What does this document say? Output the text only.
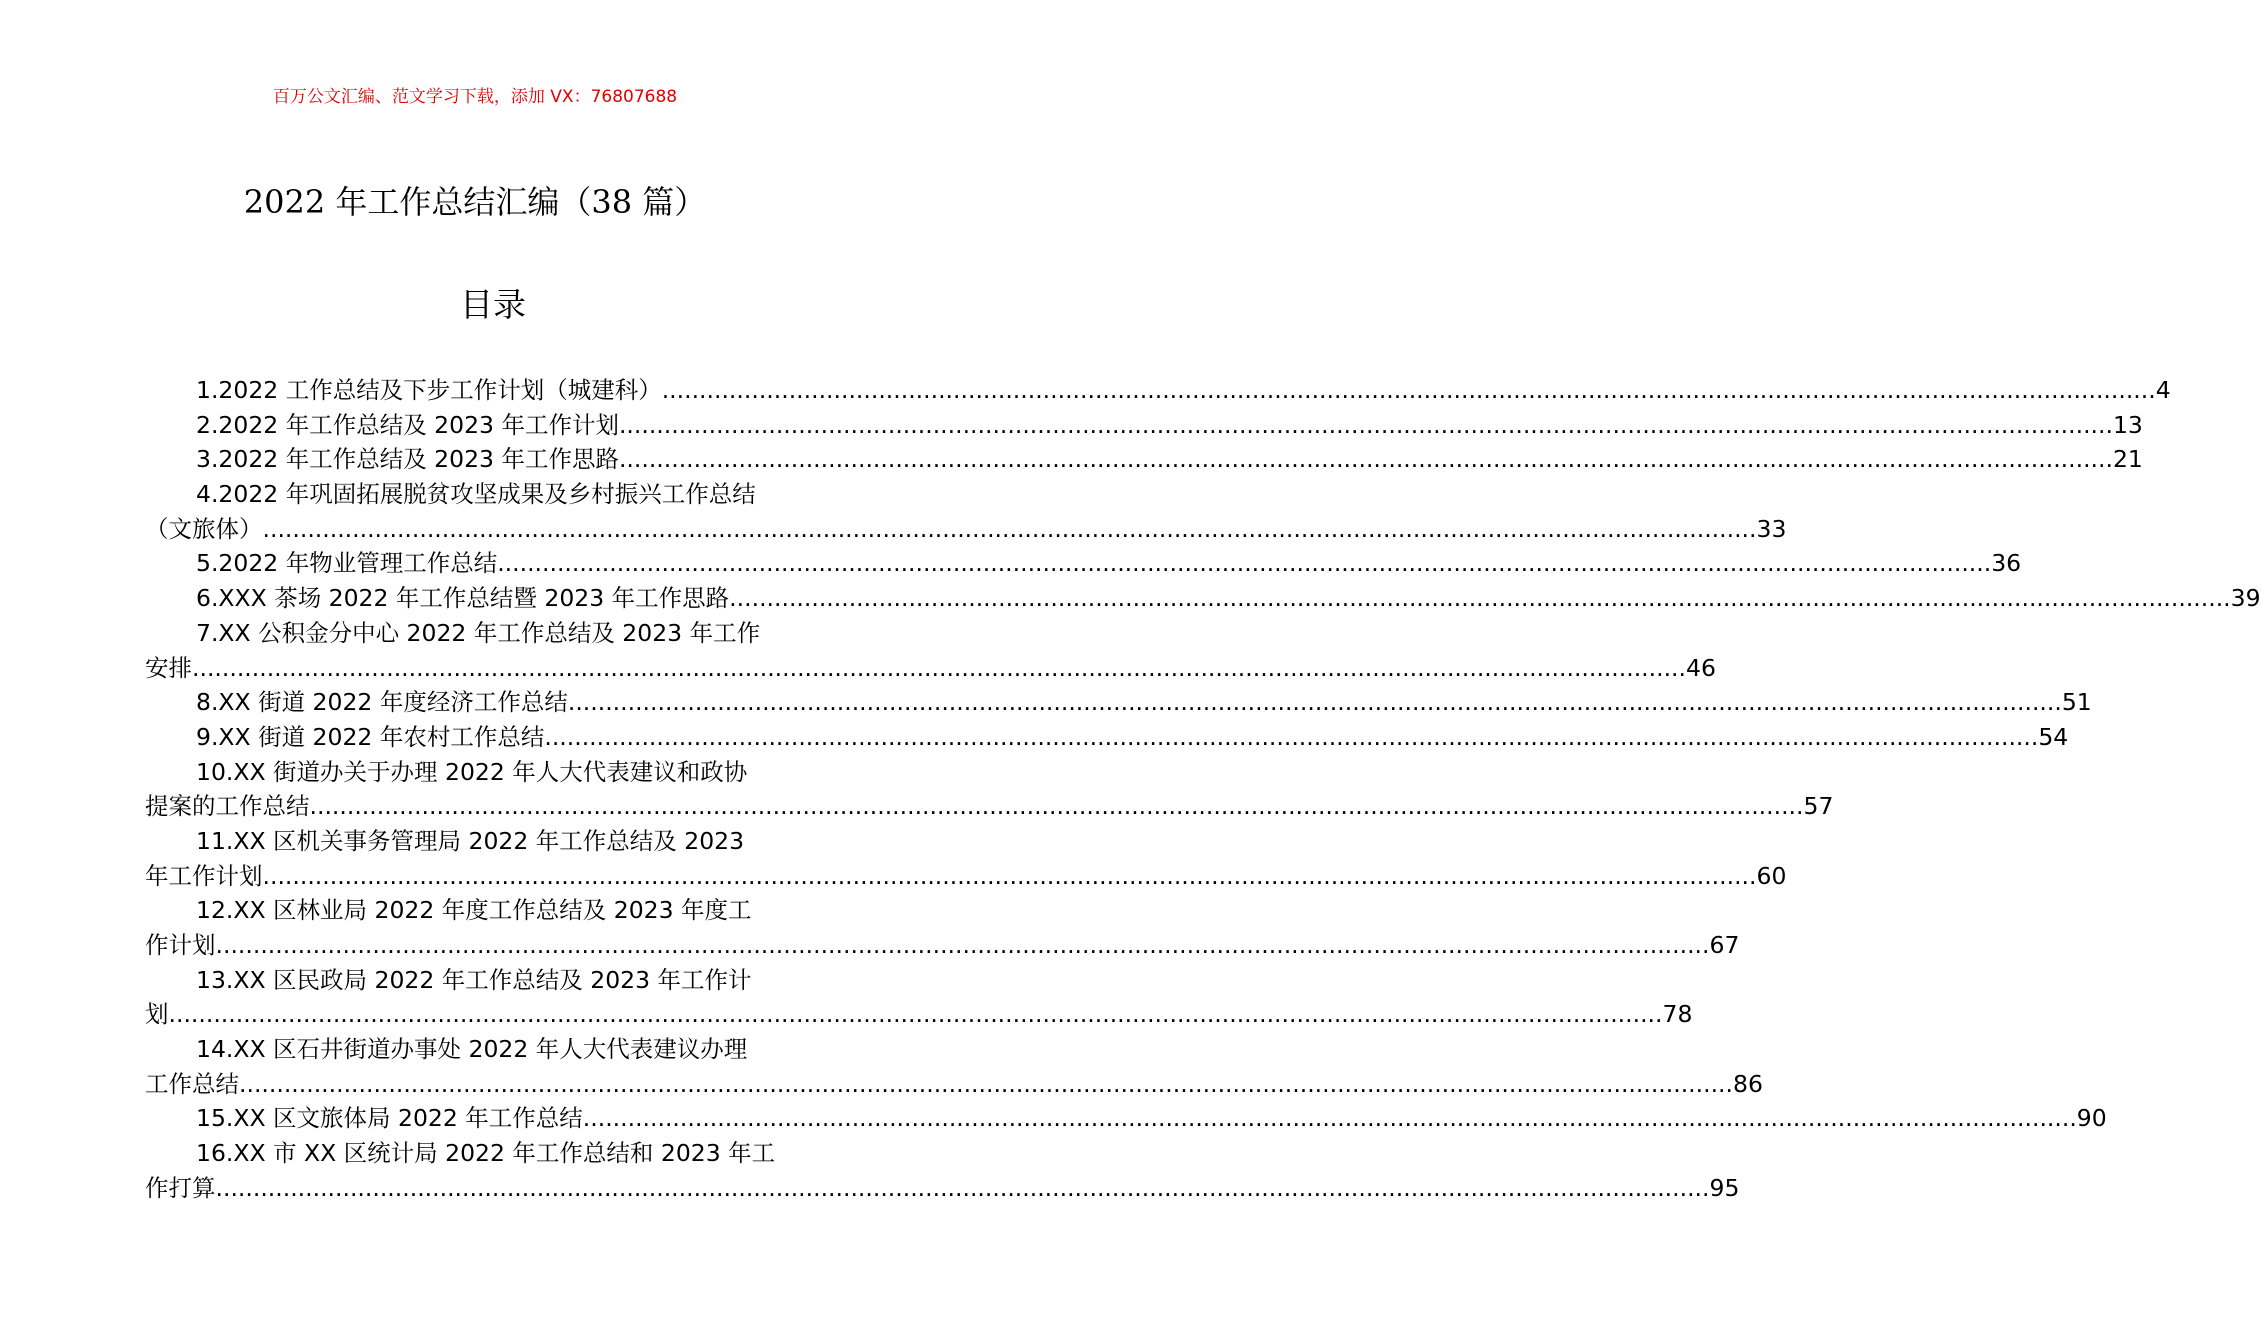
百万公文汇编、范文学习下载，添加 VX：76807688
2022 年工作总结汇编（38 篇）
目录
1.2022 工作总结及下步工作计划（城建科） ........................................................................................................................................................................................................ 4
2.2022 年工作总结及 2023 年工作计划 ........................................................................................................................................................................................................ 13
3.2022 年工作总结及 2023 年工作思路 ........................................................................................................................................................................................................ 21
4.2022 年巩固拓展脱贫攻坚成果及乡村振兴工作总结
（文旅体） ........................................................................................................................................................................................................ 33
5.2022 年物业管理工作总结 ........................................................................................................................................................................................................ 36
6.XXX 茶场 2022 年工作总结暨 2023 年工作思路. ........................................................................................................................................................................................................ 39
7.XX 公积金分中心 2022 年工作总结及 2023 年工作
安排 ........................................................................................................................................................................................................ 46
8.XX 街道 2022 年度经济工作总结 ........................................................................................................................................................................................................ 51
9.XX 街道 2022 年农村工作总结 ........................................................................................................................................................................................................ 54
10.XX 街道办关于办理 2022 年人大代表建议和政协
提案的工作总结 ........................................................................................................................................................................................................ 57
11.XX 区机关事务管理局 2022 年工作总结及 2023
年工作计划 ........................................................................................................................................................................................................ 60
12.XX 区林业局 2022 年度工作总结及 2023 年度工
作计划 ........................................................................................................................................................................................................ 67
13.XX 区民政局 2022 年工作总结及 2023 年工作计
划 ........................................................................................................................................................................................................ 78
14.XX 区石井街道办事处 2022 年人大代表建议办理
工作总结 ........................................................................................................................................................................................................ 86
15.XX 区文旅体局 2022 年工作总结 ........................................................................................................................................................................................................ 90
16.XX 市 XX 区统计局 2022 年工作总结和 2023 年工
作打算 ........................................................................................................................................................................................................ 95
